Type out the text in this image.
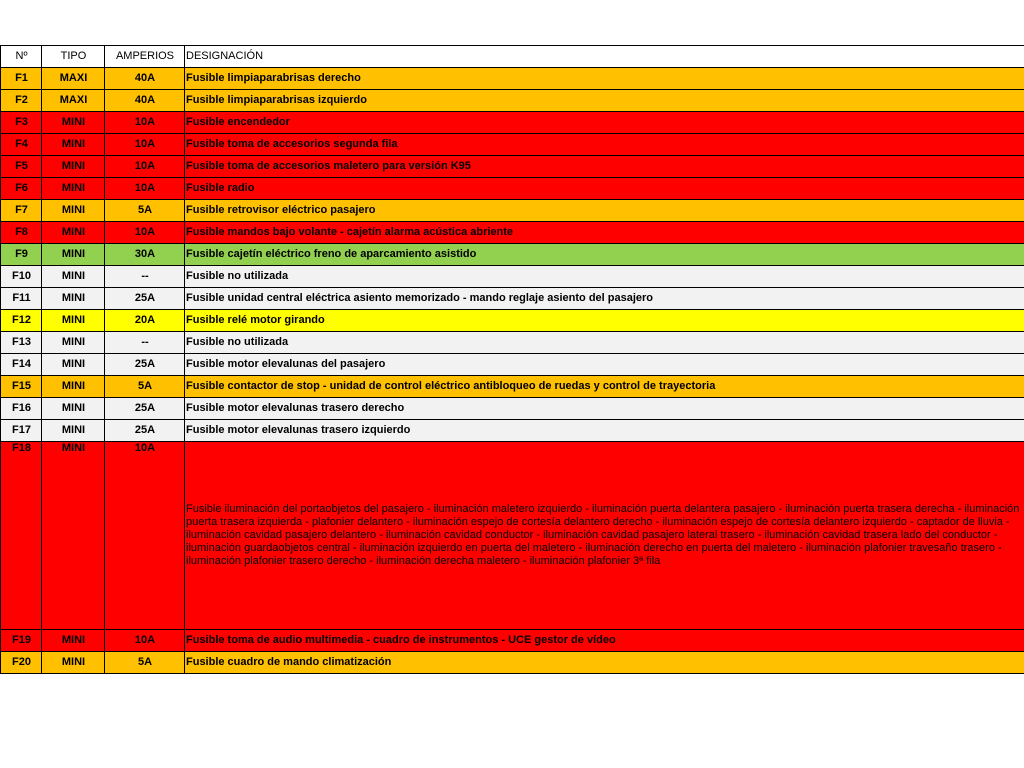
Nº	TIPO	AMPERIOS	DESIGNACIÓN
F1	MAXI	40A	Fusible limpiaparabrisas derecho
F2	MAXI	40A	Fusible limpiaparabrisas izquierdo
F3	MINI	10A	Fusible encendedor
F4	MINI	10A	Fusible toma de accesorios segunda fila
F5	MINI	10A	Fusible toma de accesorios maletero para versión K95
F6	MINI	10A	Fusible radio
F7	MINI	5A	Fusible retrovisor eléctrico pasajero
F8	MINI	10A	Fusible mandos bajo volante - cajetín alarma acústica abriente
F9	MINI	30A	Fusible cajetín eléctrico freno de aparcamiento asistido
F10	MINI	--	Fusible no utilizada
F11	MINI	25A	Fusible unidad central eléctrica asiento memorizado - mando reglaje asiento del pasajero
F12	MINI	20A	Fusible relé motor girando
F13	MINI	--	Fusible no utilizada
F14	MINI	25A	Fusible motor elevalunas del pasajero
F15	MINI	5A	Fusible contactor de stop - unidad de control eléctrico antibloqueo de ruedas y control de trayectoria
F16	MINI	25A	Fusible motor elevalunas trasero derecho
F17	MINI	25A	Fusible motor elevalunas trasero izquierdo
F18	MINI	10A	Fusible iluminación del portaobjetos del pasajero - iluminación maletero izquierdo - iluminación puerta delantera pasajero - iluminación puerta trasera derecha - iluminación puerta trasera izquierda - plafonier delantero - iluminación espejo de cortesía delantero derecho - iluminación espejo de cortesía delantero izquierdo - captador de lluvia - iluminación cavidad pasajero delantero - iluminación cavidad conductor - iluminación cavidad pasajero lateral trasero - iluminación cavidad trasera lado del conductor - iluminación guardaobjetos central - iluminación izquierdo en puerta del maletero - iluminación derecho en puerta del maletero - iluminación plafonier travesaño trasero - iluminación plafonier trasero derecho - iluminación derecha maletero - iluminación plafonier 3ª fila
F19	MINI	10A	Fusible toma de audio multimedia - cuadro de instrumentos - UCE gestor de vídeo
F20	MINI	5A	Fusible cuadro de mando climatización
